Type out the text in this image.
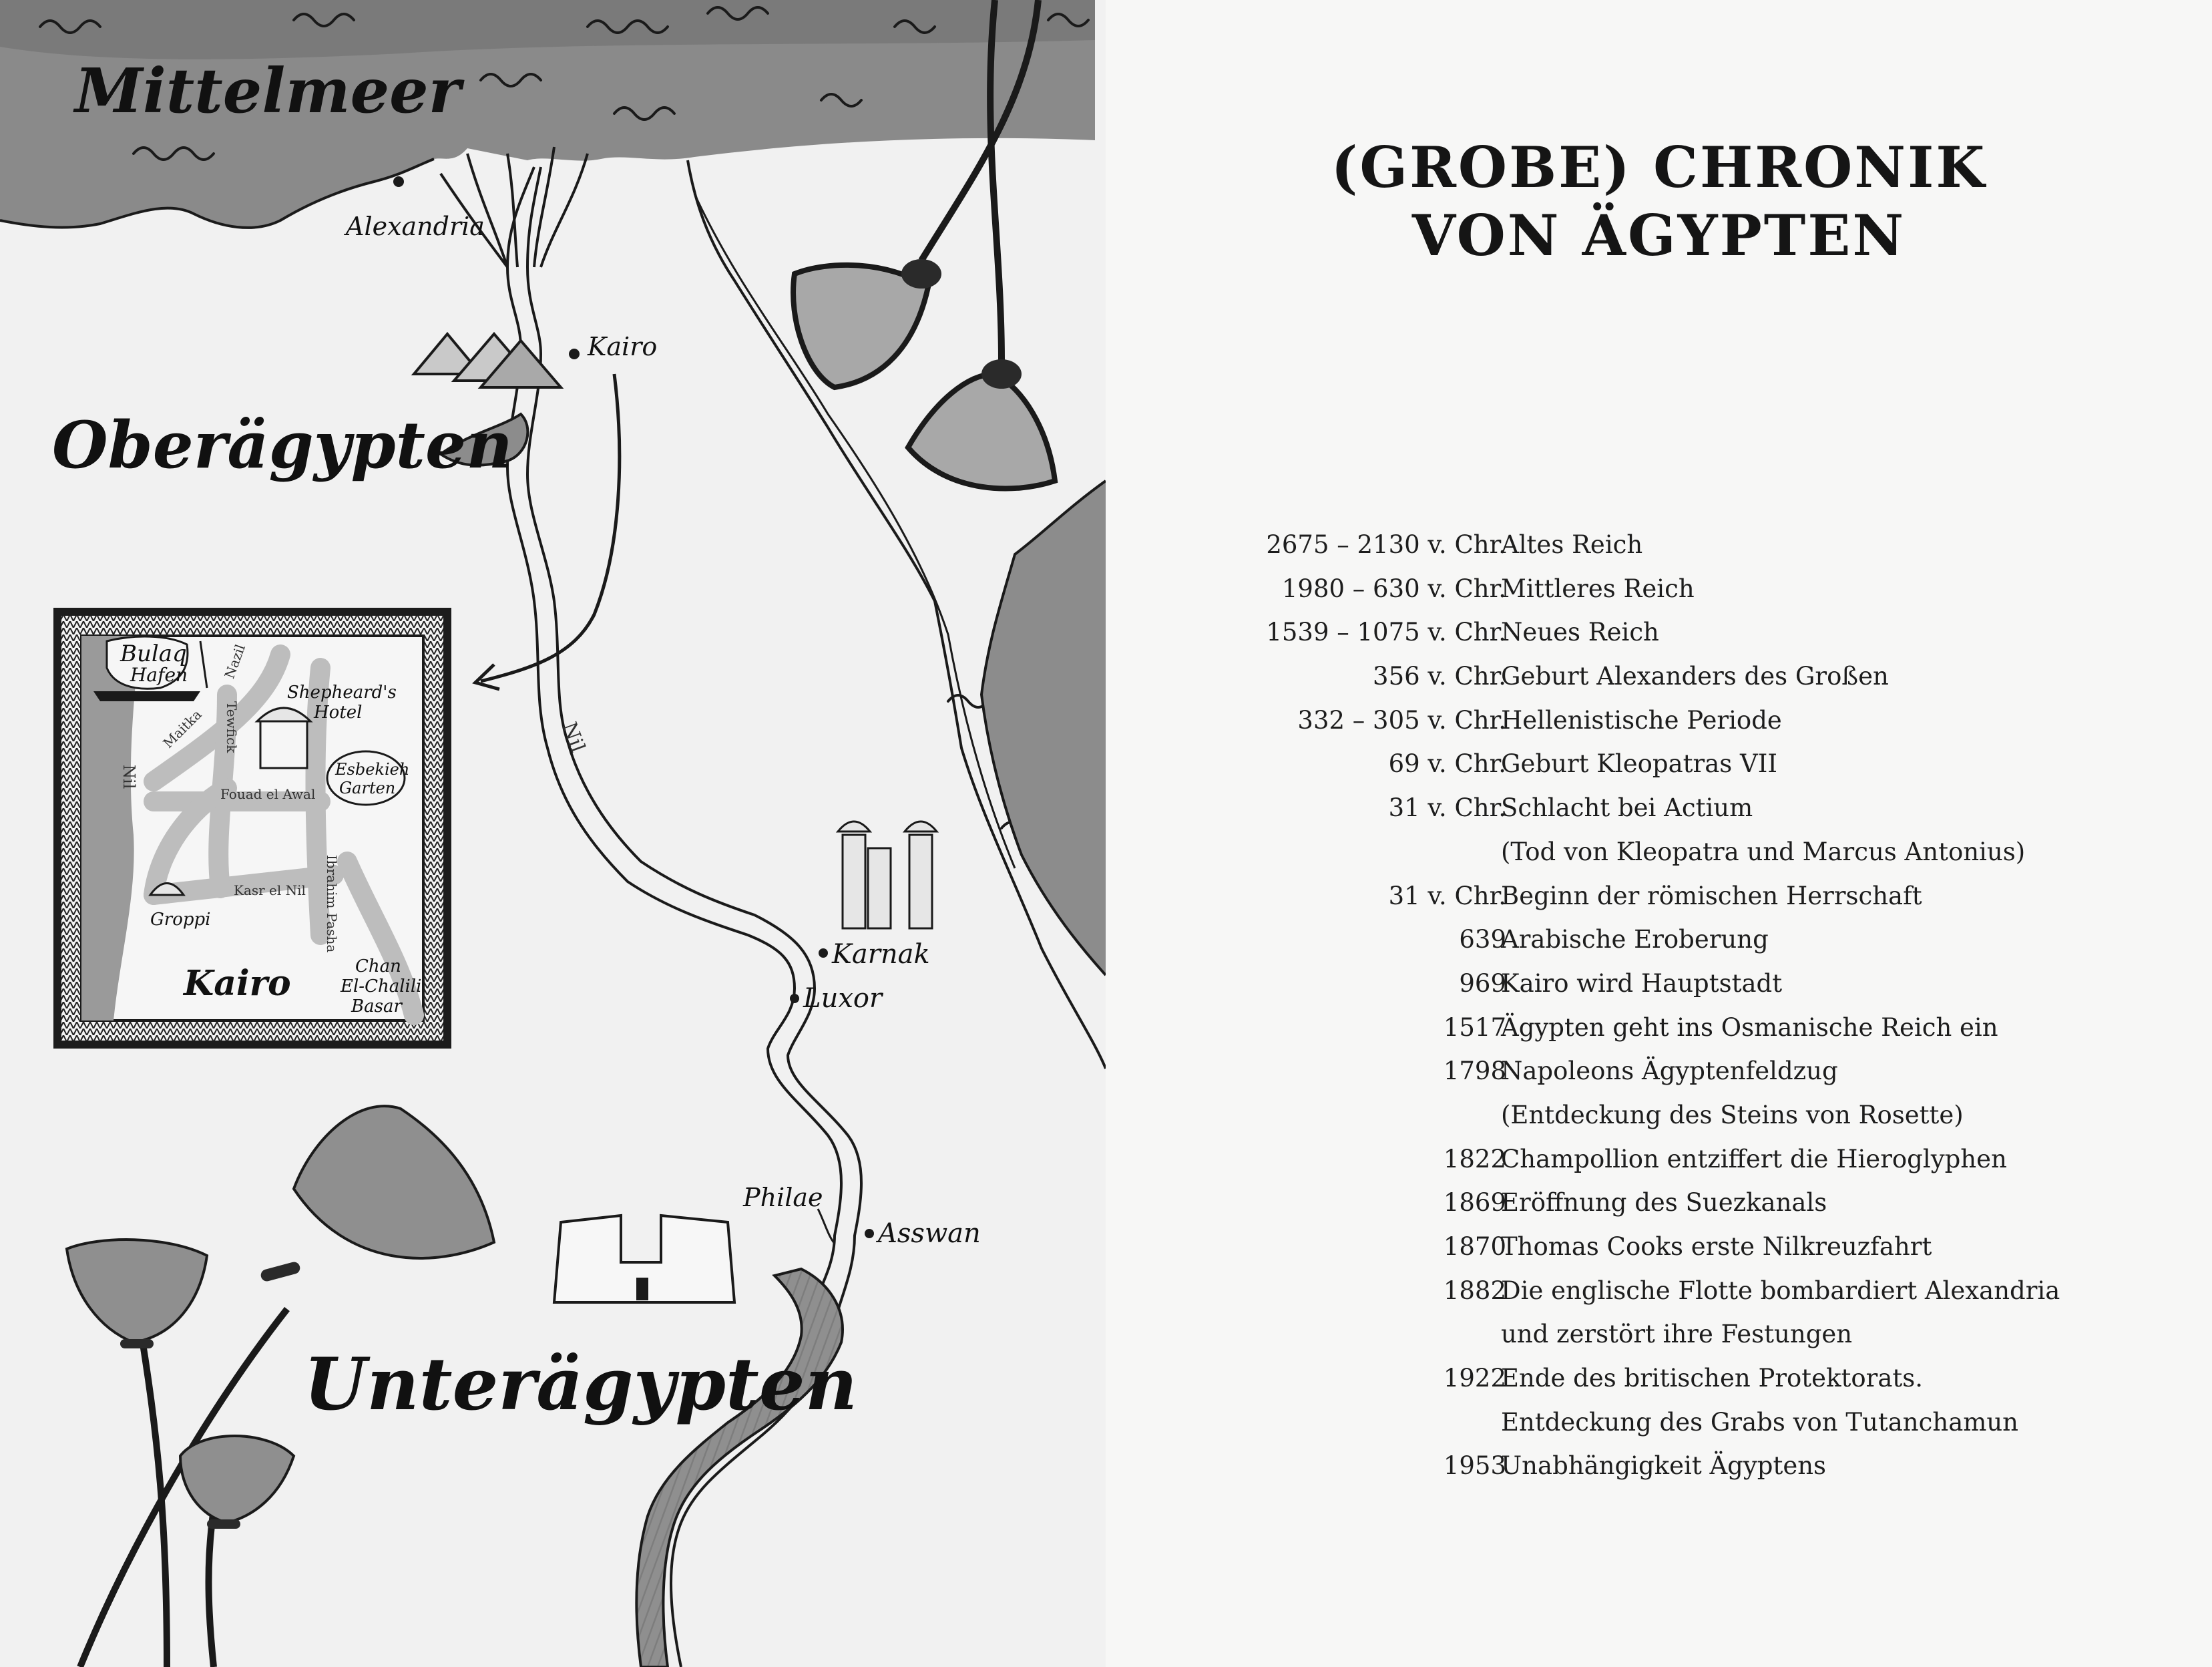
Bulaq
Hafen	Nazil
Maitka Tewfick
Shepheard's
Hotel
Esbekieh
Garten
Nil
Fouad el Awal
Kasr el Nil Ibrahim Pasha
Groppi
Kairo	Chan
El-Chalili
Basar
Mittelmeer
Oberägypten
Unterägypten
Alexandria
Kairo
Karnak
Luxor
Philae
Asswan
Nil
(GROBE) CHRONIK
VON ÄGYPTEN
2675 – 2130 v. Chr.
Altes Reich
1980 – 630 v. Chr.
Mittleres Reich
1539 – 1075 v. Chr.
Neues Reich
356 v. Chr.
Geburt Alexanders des Großen
332 – 305 v. Chr.
Hellenistische Periode
69 v. Chr.
Geburt Kleopatras VII
31 v. Chr.
Schlacht bei Actium
(Tod von Kleopatra und Marcus Antonius)
31 v. Chr.
Beginn der römischen Herrschaft
639
Arabische Eroberung
969
Kairo wird Hauptstadt
1517
Ägypten geht ins Osmanische Reich ein
1798
Napoleons Ägyptenfeldzug
(Entdeckung des Steins von Rosette)
1822
Champollion entziffert die Hieroglyphen
1869
Eröffnung des Suezkanals
1870
Thomas Cooks erste Nilkreuzfahrt
1882
Die englische Flotte bombardiert Alexandria
und zerstört ihre Festungen
1922
Ende des britischen Protektorats.
Entdeckung des Grabs von Tutanchamun
1953
Unabhängigkeit Ägyptens
